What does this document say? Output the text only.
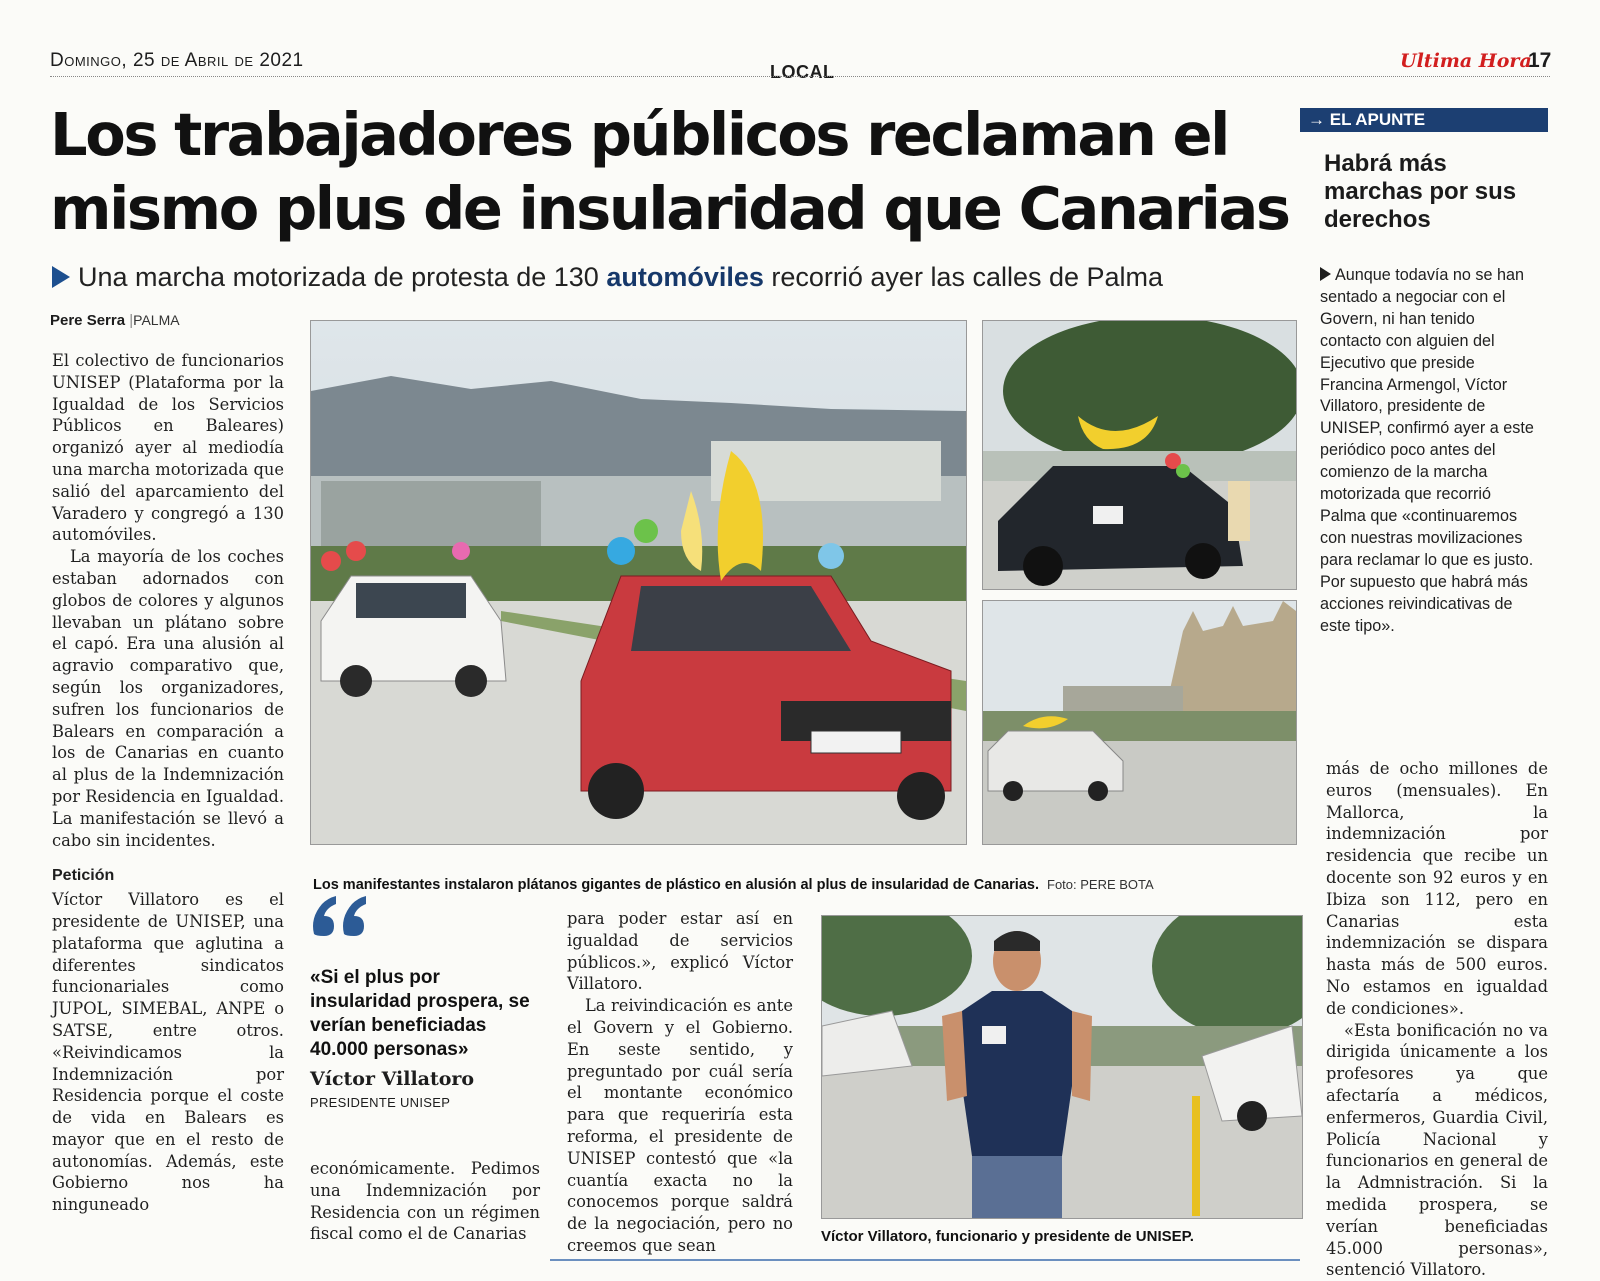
Domingo, 25 de Abril de 2021
LOCAL	Ultima Hora
17
Los trabajadores públicos reclaman el mismo plus de insularidad que Canarias
Una marcha motorizada de protesta de 130 automóviles recorrió ayer las calles de Palma
Pere Serra |PALMA

El colectivo de funcionarios UNISEP (Plataforma por la Igualdad de los Servicios Públicos en Baleares) organizó ayer al mediodía una marcha motorizada que salió del aparcamiento del Varadero y congregó a 130 automóviles.

La mayoría de los coches estaban adornados con globos de colores y algunos llevaban un plátano sobre el capó. Era una alusión al agravio comparativo que, según los organizadores, sufren los funcionarios de Balears en comparación a los de Canarias en cuanto al plus de la Indemnización por Residencia en Igualdad. La manifestación se llevó a cabo sin incidentes.

Petición

Víctor Villatoro es el presidente de UNISEP, una plataforma que aglutina a diferentes sindicatos funcionariales como JUPOL, SIMEBAL, ANPE o SATSE, entre otros. «Reivindicamos la Indemnización por Residencia porque el coste de vida en Balears es mayor que en el resto de autonomías. Además, este Gobierno nos ha ninguneado

Los manifestantes instalaron plátanos gigantes de plástico en alusión al plus de insularidad de Canarias. Foto: PERE BOTA
«Si el plus por insularidad prospera, se verían beneficiadas 40.000 personas»
Víctor Villatoro
PRESIDENTE UNISEP

económicamente. Pedimos una Indemnización por Residencia con un régimen fiscal como el de Canarias

para poder estar así en igualdad de servicios públicos.», explicó Víctor Villatoro.

La reivindicación es ante el Govern y el Gobierno. En seste sentido, y preguntado por cuál sería el montante económico para que requeriría esta reforma, el presidente de UNISEP contestó que «la cuantía exacta no la conocemos porque saldrá de la negociación, pero no creemos que sean	Víctor Villatoro, funcionario y presidente de UNISEP.

más de ocho millones de euros (mensuales). En Mallorca, la indemnización por residencia que recibe un docente son 92 euros y en Ibiza son 112, pero en Canarias esta indemnización se dispara hasta más de 500 euros. No estamos en igualdad de condiciones».

«Esta bonificación no va dirigida únicamente a los profesores ya que afectaría a médicos, enfermeros, Guardia Civil, Policía Nacional y funcionarios en general de la Admnistración. Si la medida prospera, se verían beneficiadas 45.000 personas», sentenció Villatoro.

→ EL APUNTE
Habrá más marchas por sus derechos
Aunque todavía no se han sentado a negociar con el Govern, ni han tenido contacto con alguien del Ejecutivo que preside Francina Armengol, Víctor Villatoro, presidente de UNISEP, confirmó ayer a este periódico poco antes del comienzo de la marcha motorizada que recorrió Palma que «continuaremos con nuestras movilizaciones para reclamar lo que es justo. Por supuesto que habrá más acciones reivindicativas de este tipo».
